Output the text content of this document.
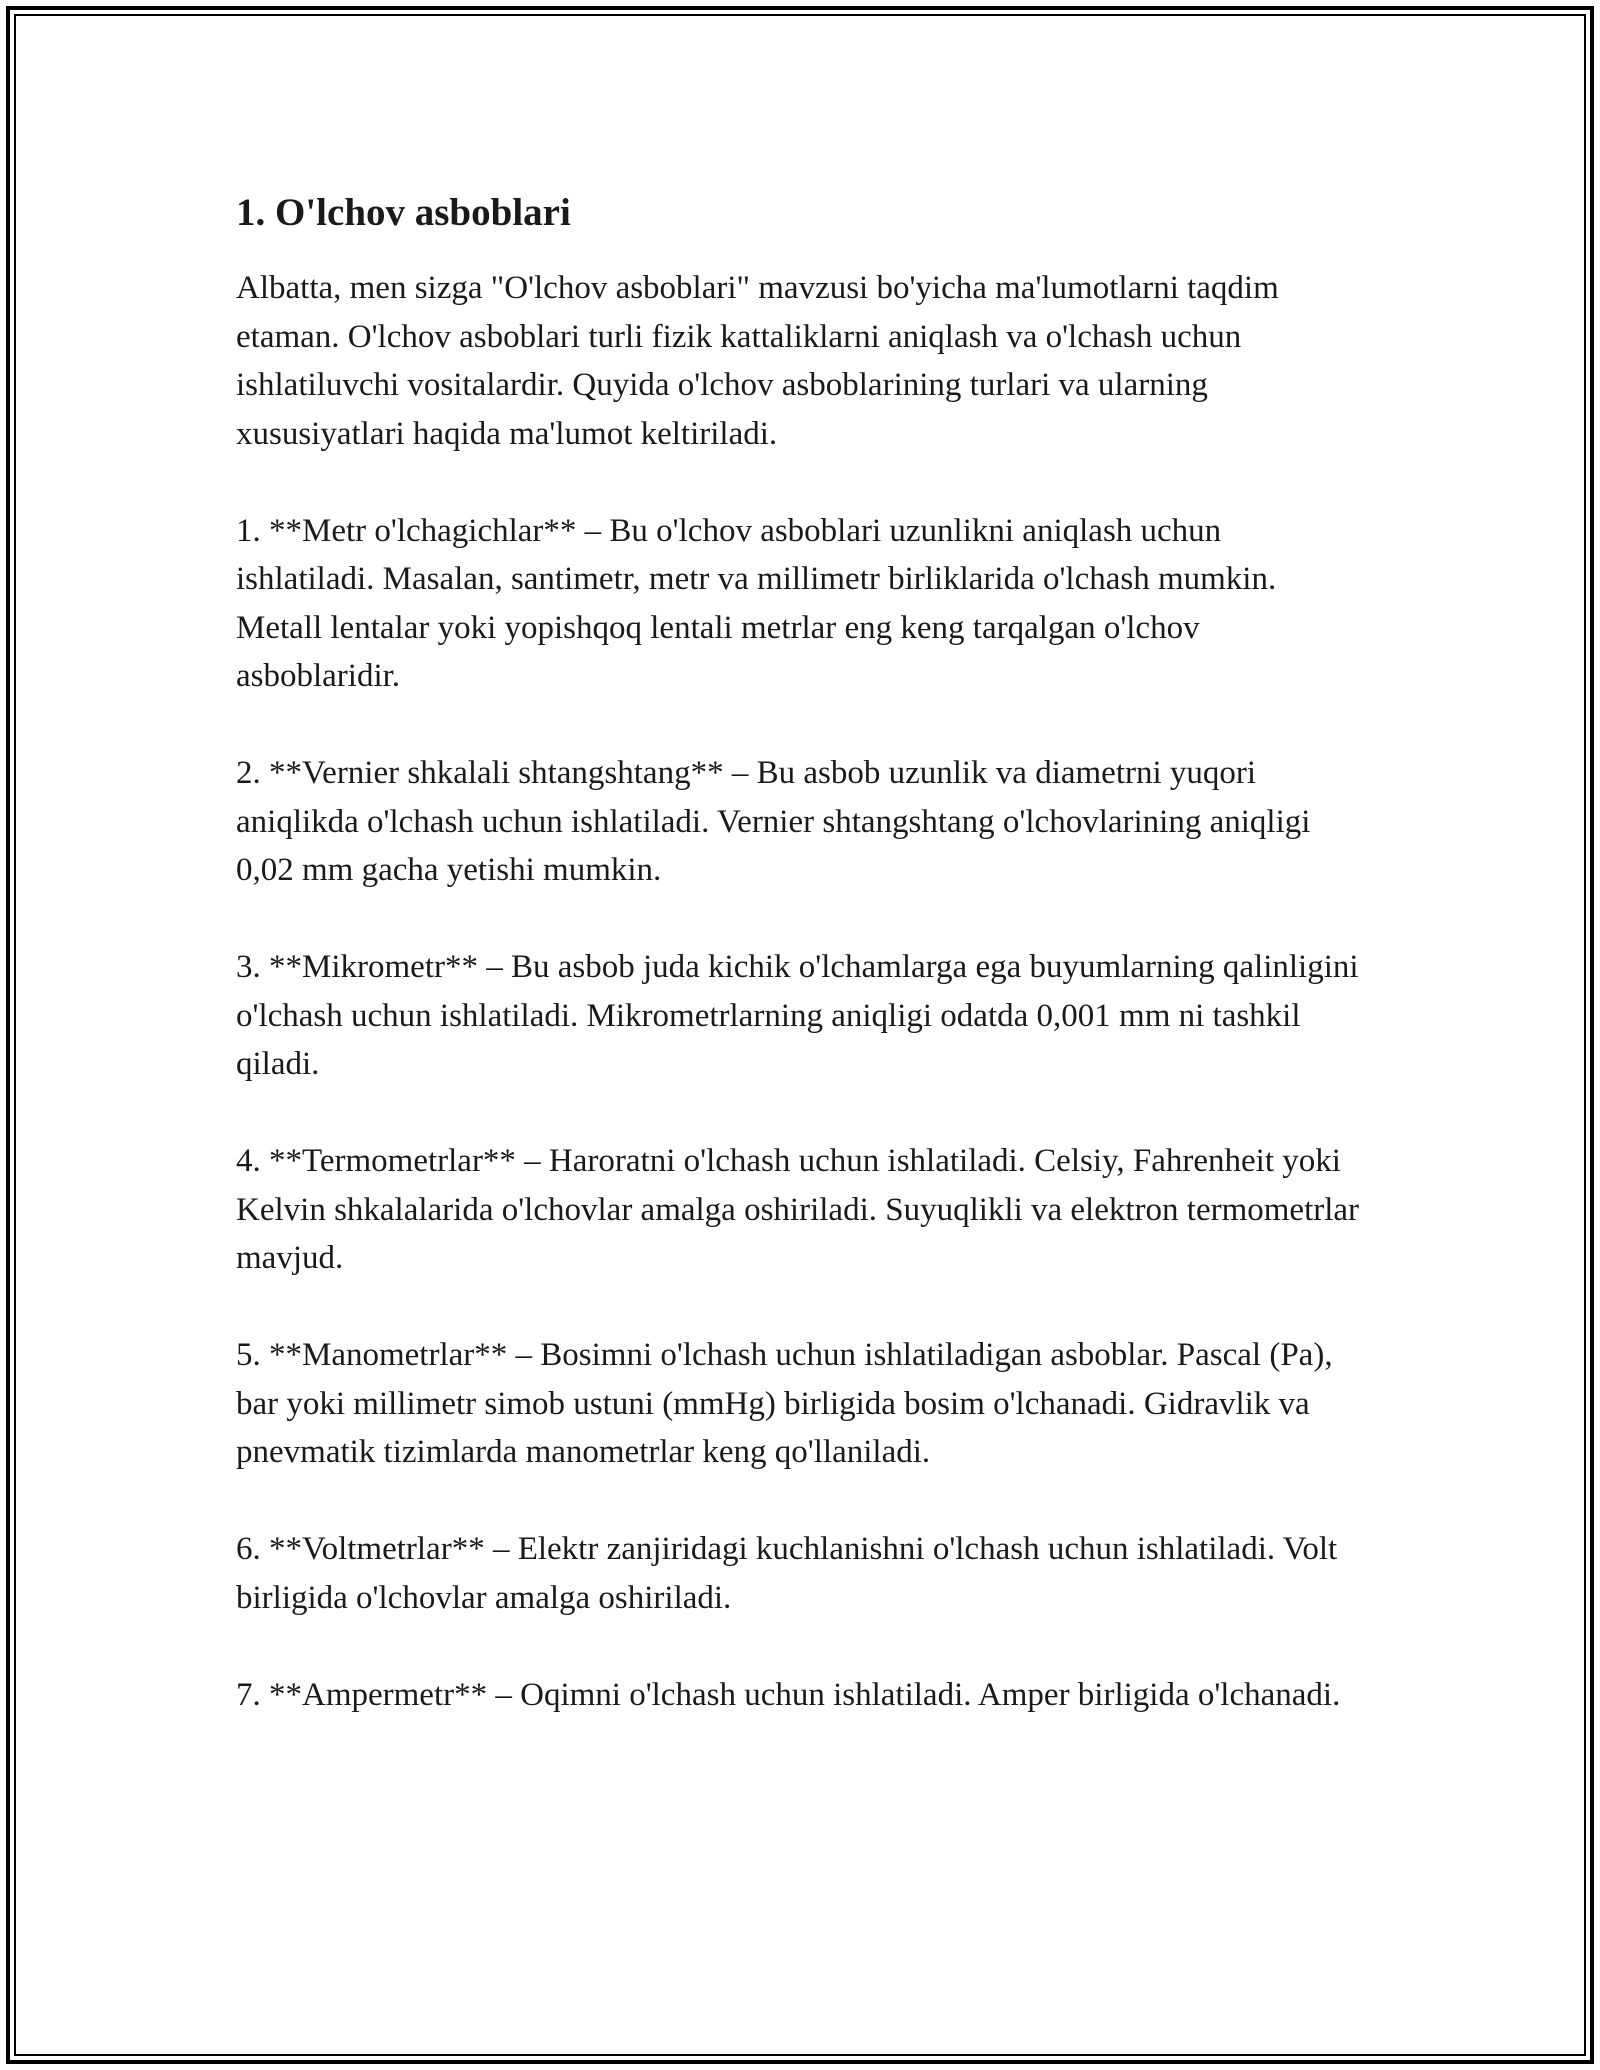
1. O'lchov asboblari

Albatta, men sizga "O'lchov asboblari" mavzusi bo'yicha ma'lumotlarni taqdim etaman. O'lchov asboblari turli fizik kattaliklarni aniqlash va o'lchash uchun ishlatiluvchi vositalardir. Quyida o'lchov asboblarining turlari va ularning xususiyatlari haqida ma'lumot keltiriladi.

1. **Metr o'lchagichlar** – Bu o'lchov asboblari uzunlikni aniqlash uchun ishlatiladi. Masalan, santimetr, metr va millimetr birliklarida o'lchash mumkin. Metall lentalar yoki yopishqoq lentali metrlar eng keng tarqalgan o'lchov asboblaridir.

2. **Vernier shkalali shtangshtang** – Bu asbob uzunlik va diametrni yuqori aniqlikda o'lchash uchun ishlatiladi. Vernier shtangshtang o'lchovlarining aniqligi 0,02 mm gacha yetishi mumkin.

3. **Mikrometr** – Bu asbob juda kichik o'lchamlarga ega buyumlarning qalinligini o'lchash uchun ishlatiladi. Mikrometrlarning aniqligi odatda 0,001 mm ni tashkil qiladi.

4. **Termometrlar** – Haroratni o'lchash uchun ishlatiladi. Celsiy, Fahrenheit yoki Kelvin shkalalarida o'lchovlar amalga oshiriladi. Suyuqlikli va elektron termometrlar mavjud.

5. **Manometrlar** – Bosimni o'lchash uchun ishlatiladigan asboblar. Pascal (Pa), bar yoki millimetr simob ustuni (mmHg) birligida bosim o'lchanadi. Gidravlik va pnevmatik tizimlarda manometrlar keng qo'llaniladi.

6. **Voltmetrlar** – Elektr zanjiridagi kuchlanishni o'lchash uchun ishlatiladi. Volt birligida o'lchovlar amalga oshiriladi.

7. **Ampermetr** – Oqimni o'lchash uchun ishlatiladi. Amper birligida o'lchanadi.
